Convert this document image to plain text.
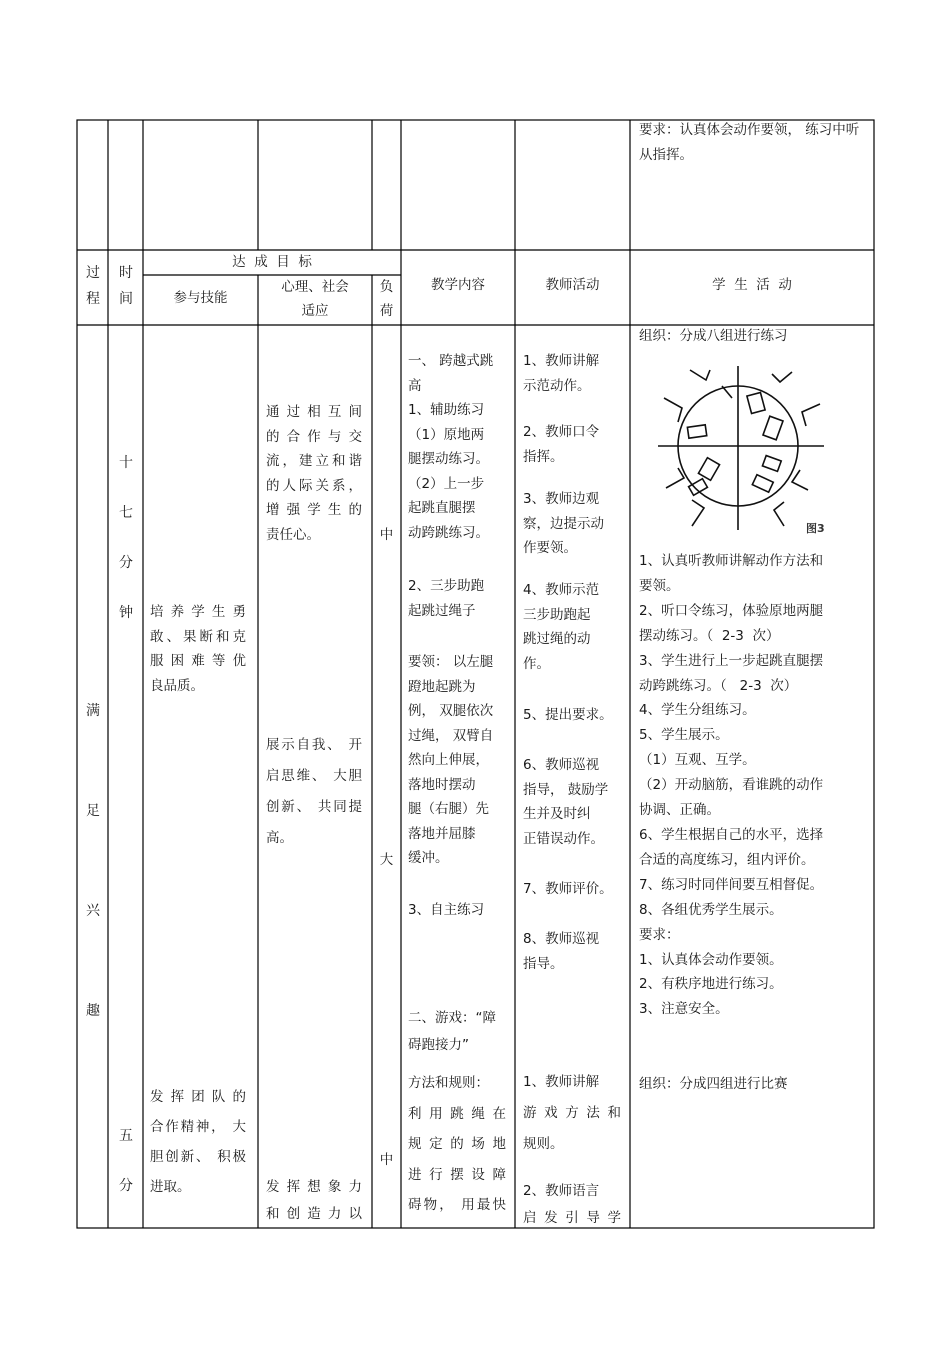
要求：认真体会动作要领， 练习中听从指挥。

过
程
时
间
达  成  目  标
参与技能
心理、社会
适应
负
荷
教学内容	教师活动	学  生  活  动
满
足
兴
趣
十
七
分
钟
五
分

培 养 学 生 勇

敢、果断和克

服 困 难 等 优

良品质。

发 挥 团 队 的

合作精神， 大

胆创新、 积极

进取。

通 过 相 互 间

的 合 作 与 交

流，建立和谐

的人际关系，

增 强 学 生 的

责任心。

展示自我、 开

启思维、 大胆

创新、 共同提

高。

发 挥 想 象 力

和 创 造 力 以

中
大
中

一、 跨越式跳

高

1、辅助练习

（1）原地两

腿摆动练习。

（2）上一步

起跳直腿摆

动跨跳练习。

2、三步助跑

起跳过绳子

要领： 以左腿

蹬地起跳为

例， 双腿依次

过绳， 双臂自

然向上伸展，

落地时摆动

腿（右腿）先

落地并屈膝

缓冲。

3、自主练习

二、游戏：“障

碍跑接力”

方法和规则：

利 用 跳 绳 在

规 定 的 场 地

进 行 摆 设 障

碍物， 用最快

1、教师讲解

示范动作。

2、教师口令

指挥。

3、教师边观

察，边提示动

作要领。

4、教师示范

三步助跑起

跳过绳的动

作。

5、提出要求。

6、教师巡视

指导， 鼓励学

生并及时纠

正错误动作。

7、教师评价。

8、教师巡视

指导。

1、教师讲解

游 戏 方 法 和

规则。

2、教师语言

启 发 引 导 学

组织：分成八组进行练习

图3

1、认真听教师讲解动作方法和

要领。

2、听口令练习，体验原地两腿

摆动练习。（  2-3  次）

3、学生进行上一步起跳直腿摆

动跨跳练习。（   2-3  次）

4、学生分组练习。

5、学生展示。

（1）互观、互学。

（2）开动脑筋，看谁跳的动作

协调、正确。

6、学生根据自己的水平，选择

合适的高度练习，组内评价。

7、练习时同伴间要互相督促。

8、各组优秀学生展示。

要求：

1、认真体会动作要领。

2、有秩序地进行练习。

3、注意安全。

组织：分成四组进行比赛
